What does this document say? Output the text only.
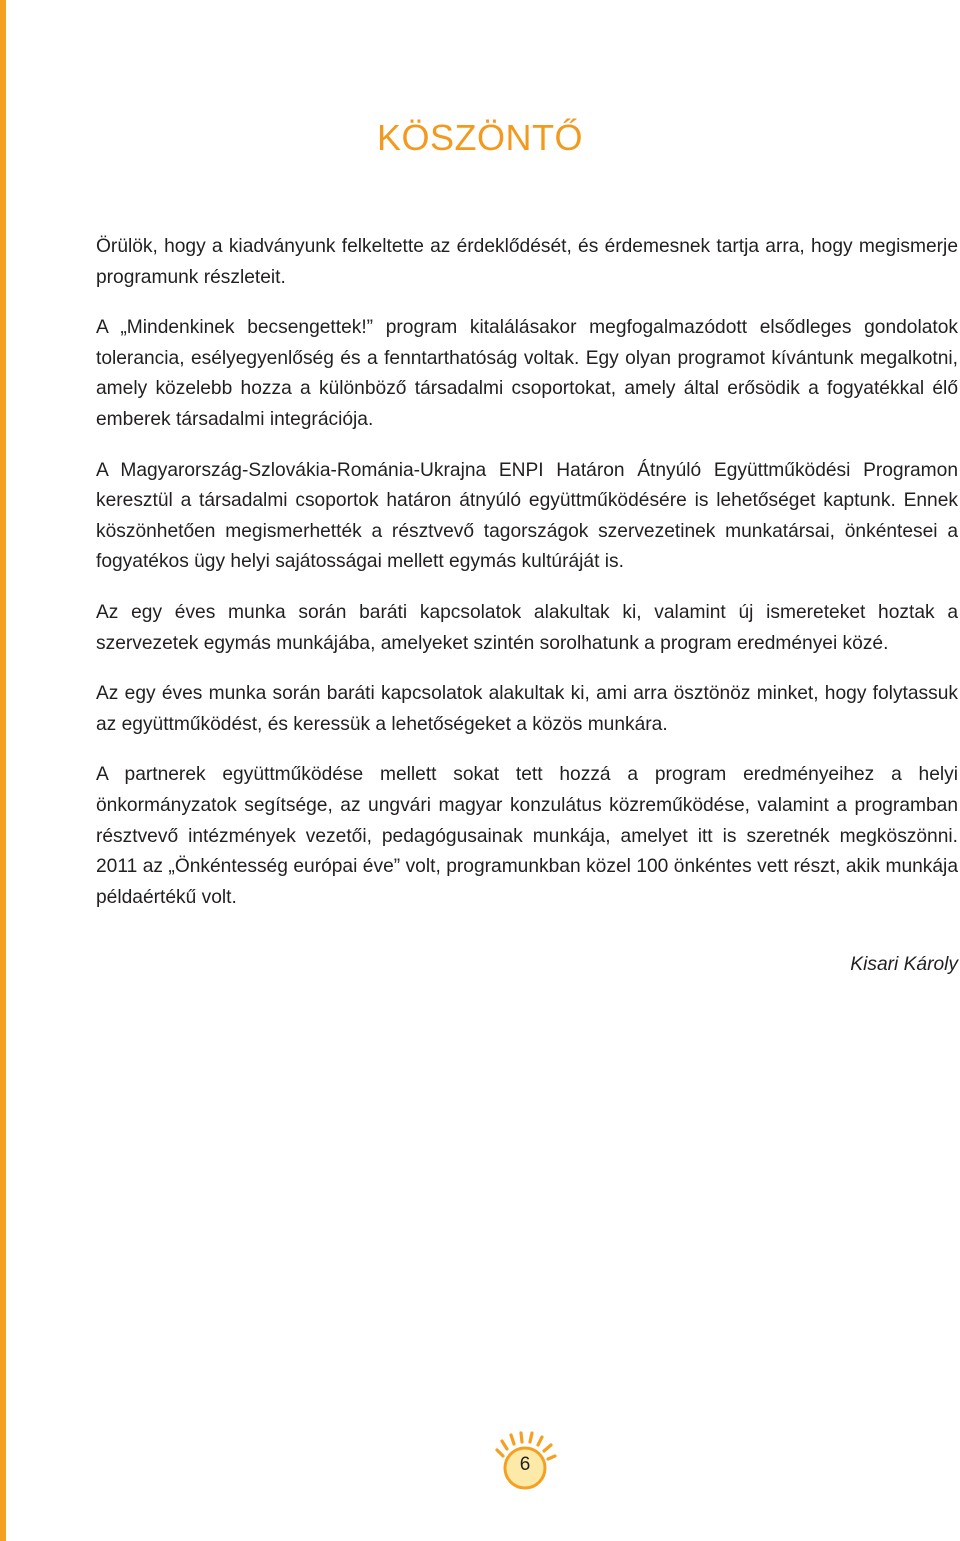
KÖSZÖNTŐ

Örülök, hogy a kiadványunk felkeltette az érdeklődését, és érdemesnek tartja arra, hogy megismerje programunk részleteit.

A „Mindenkinek becsengettek!” program kitalálásakor megfogalmazódott elsődleges gondolatok tolerancia, esélyegyenlőség és a fenntarthatóság voltak. Egy olyan programot kívántunk megalkotni, amely közelebb hozza a különböző társadalmi csoportokat, amely által erősödik a fogyatékkal élő emberek társadalmi integrációja.

A Magyarország-Szlovákia-Románia-Ukrajna ENPI Határon Átnyúló Együttműködési Programon keresztül a társadalmi csoportok határon átnyúló együttműködésére is lehetőséget kaptunk. Ennek köszönhetően megismerhették a résztvevő tagországok szervezetinek munkatársai, önkéntesei a fogyatékos ügy helyi sajátosságai mellett egymás kultúráját is.

Az egy éves munka során baráti kapcsolatok alakultak ki, valamint új ismereteket hoztak a szervezetek egymás munkájába, amelyeket szintén sorolhatunk a program eredményei közé.

Az egy éves munka során baráti kapcsolatok alakultak ki, ami arra ösztönöz minket, hogy folytassuk az együttműködést, és keressük a lehetőségeket a közös munkára.

A partnerek együttműködése mellett sokat tett hozzá a program eredményeihez a helyi önkormányzatok segítsége, az ungvári magyar konzulátus közreműködése, valamint a programban résztvevő intézmények vezetői, pedagógusainak munkája, amelyet itt is szeretnék megköszönni. 2011 az „Önkéntesség európai éve” volt, programunkban közel 100 önkéntes vett részt, akik munkája példaértékű volt.

Kisari Károly
6
